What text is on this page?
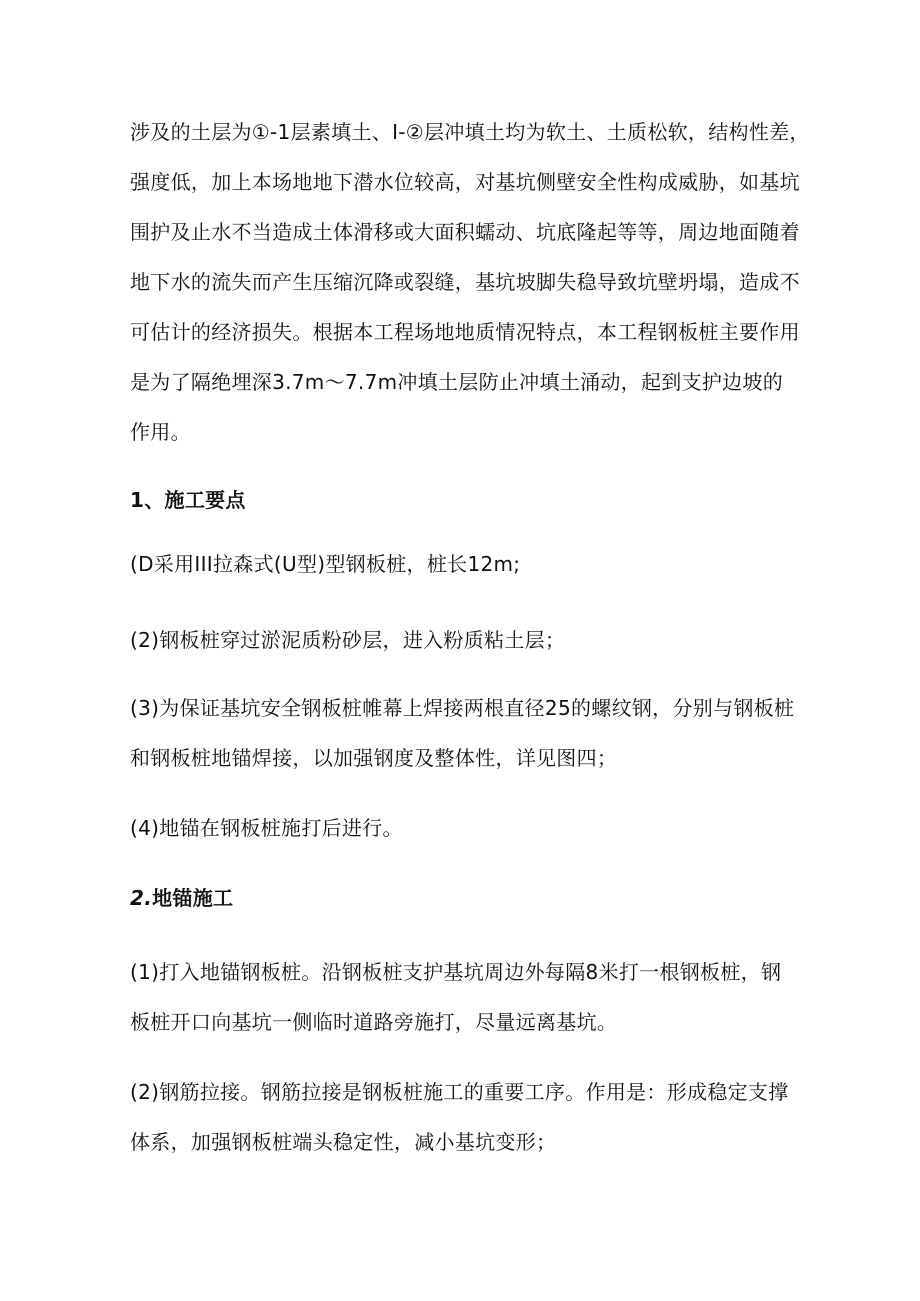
涉及的土层为①-1层素填土、I-②层冲填土均为软土、土质松软，结构性差，
强度低，加上本场地地下潜水位较高，对基坑侧壁安全性构成威胁，如基坑
围护及止水不当造成土体滑移或大面积蠕动、坑底隆起等等，周边地面随着
地下水的流失而产生压缩沉降或裂缝，基坑坡脚失稳导致坑壁坍塌，造成不
可估计的经济损失。根据本工程场地地质情况特点，本工程钢板桩主要作用
是为了隔绝埋深3.7m～7.7m冲填土层防止冲填土涌动，起到支护边坡的
作用。
1、施工要点
(D采用III拉森式(U型)型钢板桩，桩长12m;
(2)钢板桩穿过淤泥质粉砂层，进入粉质粘土层；
(3)为保证基坑安全钢板桩帷幕上焊接两根直径25的螺纹钢，分别与钢板桩
和钢板桩地锚焊接，以加强钢度及整体性，详见图四；
(4)地锚在钢板桩施打后进行。
2.地锚施工
(1)打入地锚钢板桩。沿钢板桩支护基坑周边外每隔8米打一根钢板桩，钢
板桩开口向基坑一侧临时道路旁施打，尽量远离基坑。
(2)钢筋拉接。钢筋拉接是钢板桩施工的重要工序。作用是：形成稳定支撑
体系，加强钢板桩端头稳定性，减小基坑变形；
